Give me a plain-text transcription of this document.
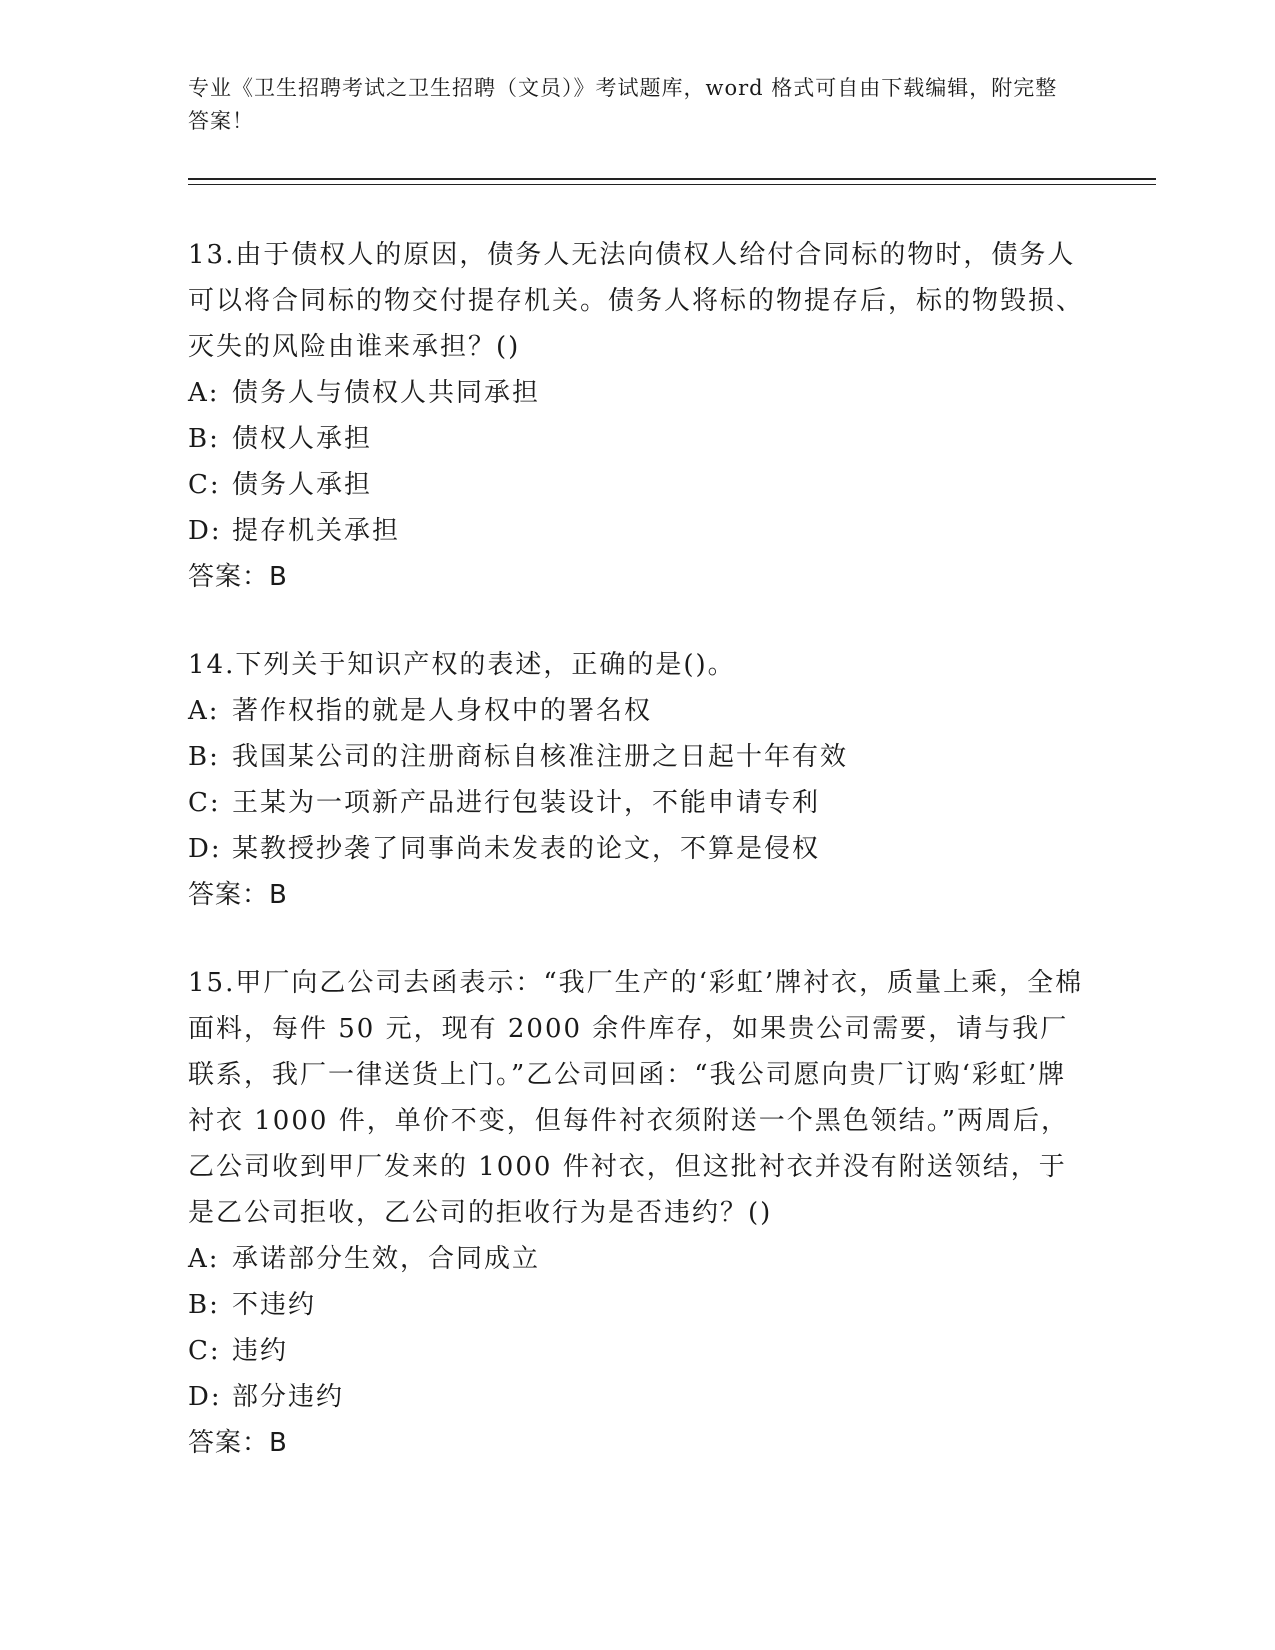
专业《卫生招聘考试之卫生招聘（文员）》考试题库，word 格式可自由下载编辑，附完整答案！

13.由于债权人的原因，债务人无法向债权人给付合同标的物时，债务人可以将合同标的物交付提存机关。债务人将标的物提存后，标的物毁损、灭失的风险由谁来承担？()

A: 债务人与债权人共同承担

B: 债权人承担

C: 债务人承担

D: 提存机关承担

答案：B

14.下列关于知识产权的表述，正确的是()。

A: 著作权指的就是人身权中的署名权

B: 我国某公司的注册商标自核准注册之日起十年有效

C: 王某为一项新产品进行包装设计，不能申请专利

D: 某教授抄袭了同事尚未发表的论文，不算是侵权

答案：B

15.甲厂向乙公司去函表示：“我厂生产的‘彩虹’牌衬衣，质量上乘，全棉面料，每件 50 元，现有 2000 余件库存，如果贵公司需要，请与我厂联系，我厂一律送货上门。”乙公司回函：“我公司愿向贵厂订购‘彩虹’牌衬衣 1000 件，单价不变，但每件衬衣须附送一个黑色领结。”两周后，乙公司收到甲厂发来的 1000 件衬衣，但这批衬衣并没有附送领结，于是乙公司拒收，乙公司的拒收行为是否违约？()

A: 承诺部分生效，合同成立

B: 不违约

C: 违约

D: 部分违约

答案：B
